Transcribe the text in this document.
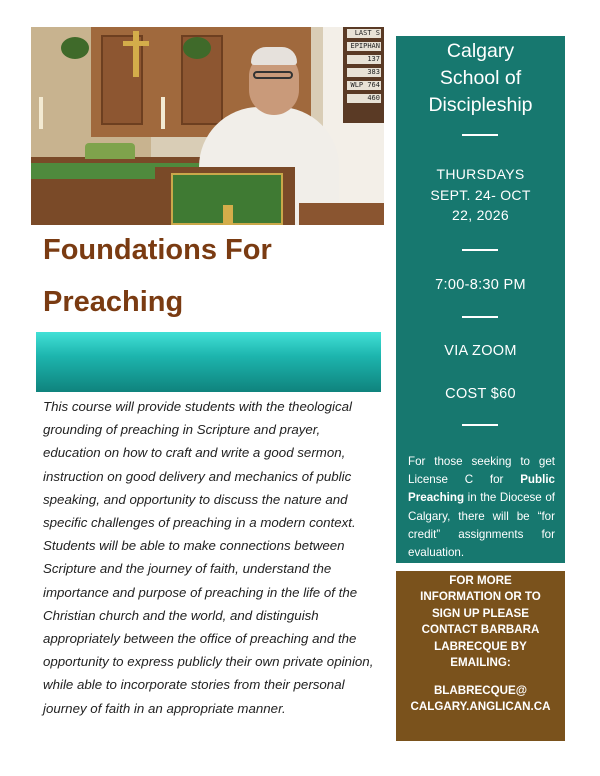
LAST S
EPIPHAN
137
383
WLP 764
460
Foundations For
Preaching

This course will provide students with the theological grounding of preaching in Scripture and prayer, education on how to craft and write a good sermon, instruction on good delivery and mechanics of public speaking, and opportunity to discuss the nature and specific challenges of preaching in a modern context. Students will be able to make connections between Scripture and the journey of faith, understand the importance and purpose of preaching in the life of the Christian church and the world, and distinguish appropriately between the office of preaching and the opportunity to express publicly their own private opinion, while able to incorporate stories from their personal journey of faith in an appropriate manner.

Calgary
School of
Discipleship

THURSDAYS
SEPT. 24- OCT
22, 2026

7:00-8:30 PM

VIA ZOOM

COST $60

For those seeking to get License C for Public Preaching in the Diocese of Calgary, there will be “for credit” assignments for evaluation.

FOR MORE
INFORMATION OR TO
SIGN UP PLEASE
CONTACT BARBARA
LABRECQUE BY
EMAILING:

BLABRECQUE@
CALGARY.ANGLICAN.CA
